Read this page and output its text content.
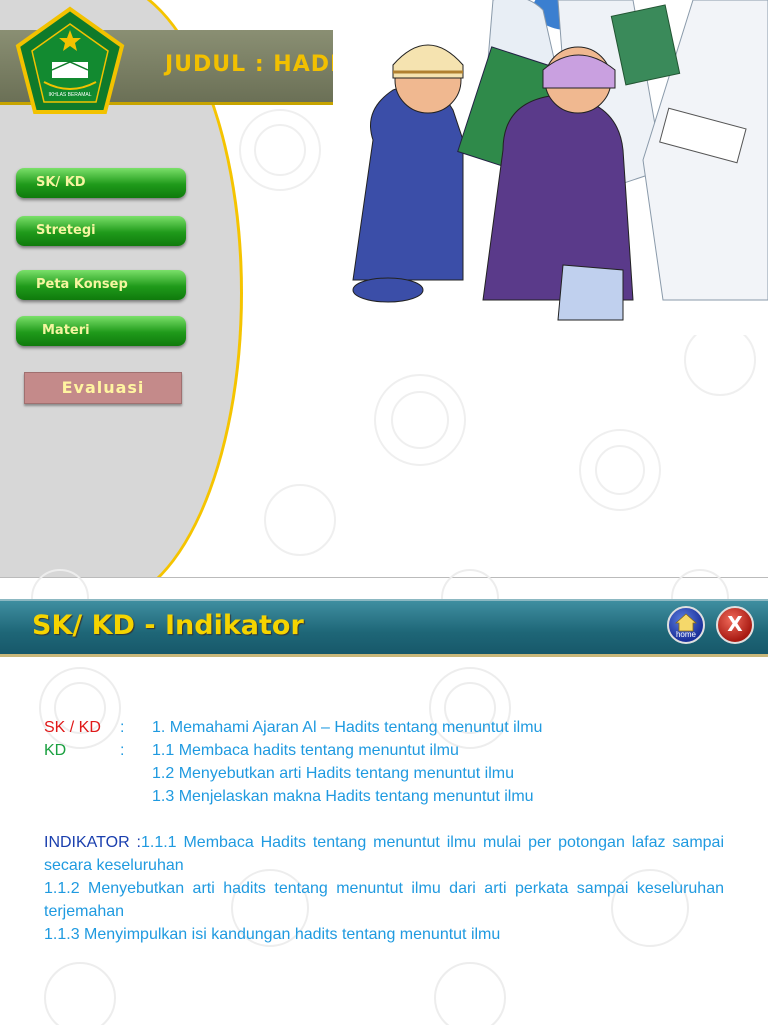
JUDUL : HADITS
IKHLAS BERAMAL
SK/ KD
Stretegi
Peta Konsep
Materi
Evaluasi
SK/ KD - Indikator	home	X
SK / KD : 1. Memahami Ajaran Al – Hadits tentang menuntut ilmu
KD	: 1.1 Membaca hadits tentang menuntut ilmu
1.2 Menyebutkan arti Hadits tentang menuntut ilmu
1.3 Menjelaskan makna Hadits tentang menuntut ilmu
INDIKATOR :1.1.1 Membaca Hadits tentang menuntut ilmu mulai per potongan lafaz sampai secara keseluruhan
1.1.2 Menyebutkan arti hadits tentang menuntut ilmu dari arti perkata sampai keseluruhan terjemahan
1.1.3 Menyimpulkan isi kandungan hadits tentang menuntut ilmu
